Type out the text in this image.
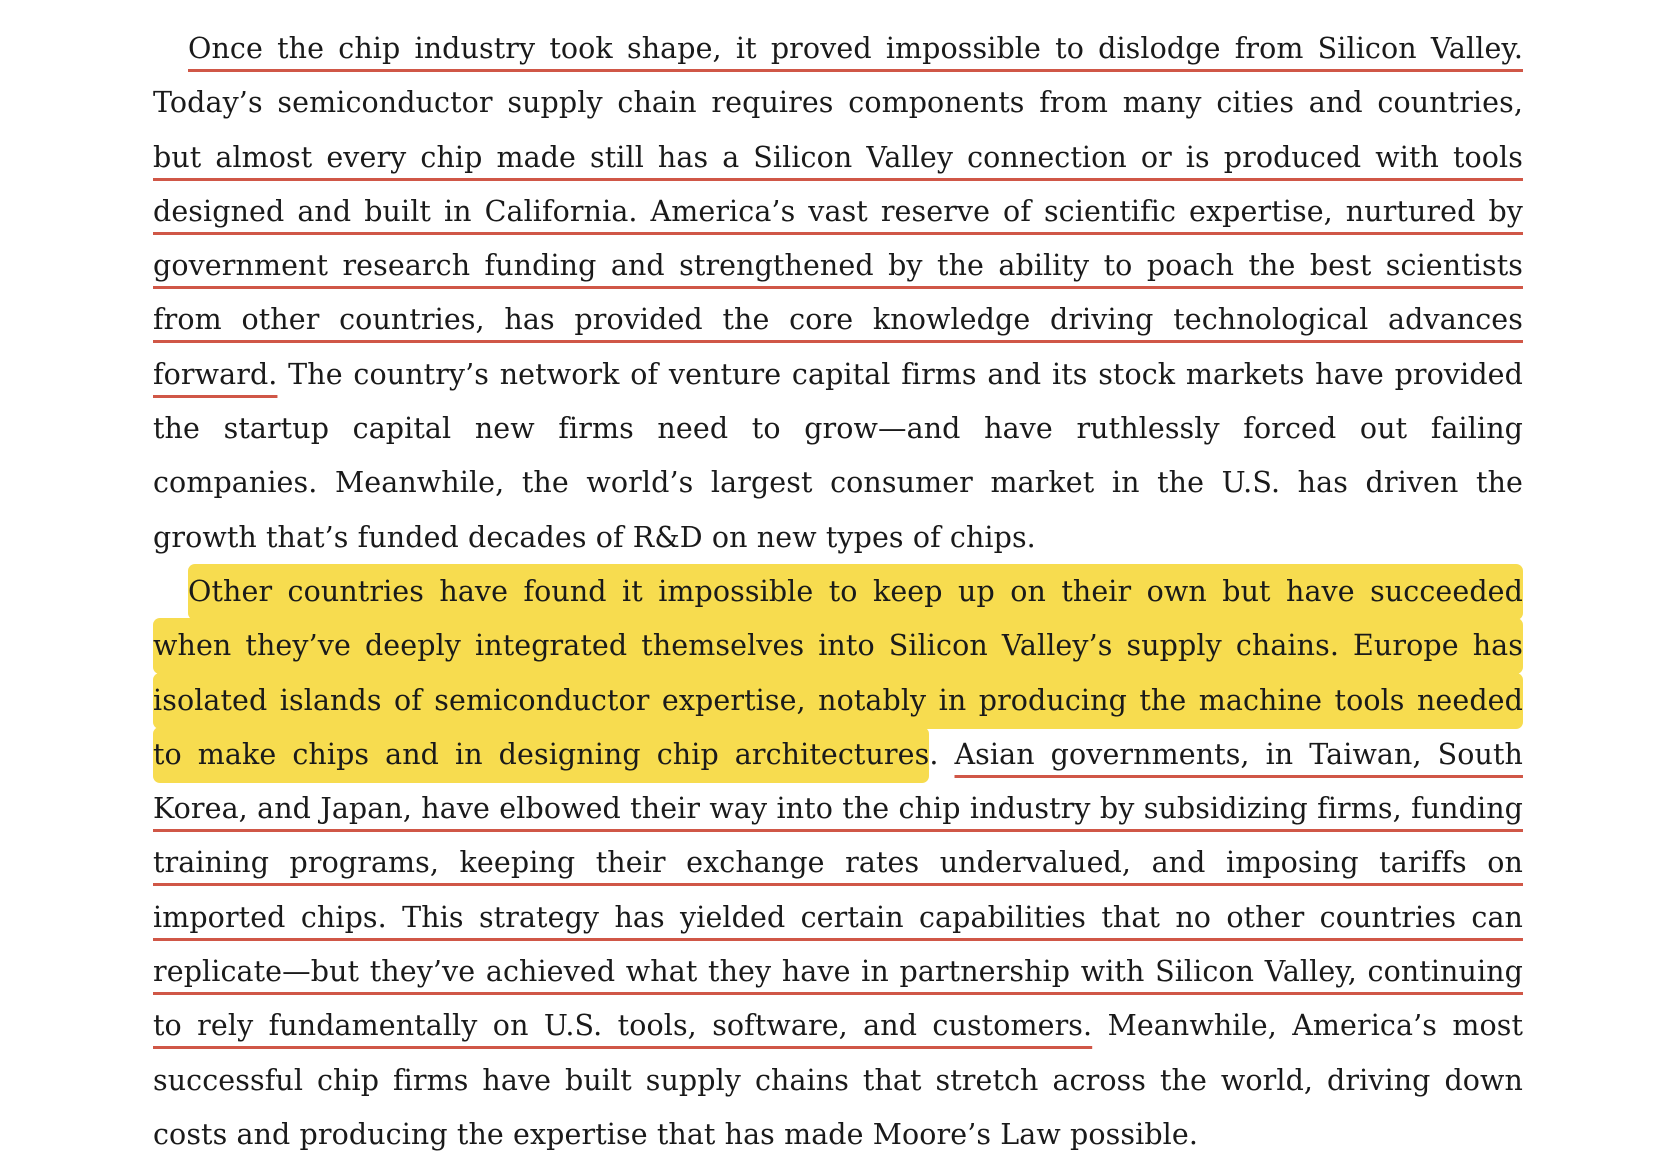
Once the chip industry took shape, it proved impossible to dislodge from Silicon Valley. Today’s semiconductor supply chain requires components from many cities and countries, but almost every chip made still has a Silicon Valley connection or is produced with tools designed and built in California. America’s vast reserve of scientific expertise, nurtured by government research funding and strengthened by the ability to poach the best scientists from other countries, has provided the core knowledge driving technological advances forward. The country’s network of venture capital firms and its stock markets have provided the startup capital new firms need to grow—and have ruthlessly forced out failing companies. Meanwhile, the world’s largest consumer market in the U.S. has driven the growth that’s funded decades of R&D on new types of chips.

Other countries have found it impossible to keep up on their own but have succeeded when they’ve deeply integrated themselves into Silicon Valley’s supply chains. Europe has isolated islands of semiconductor expertise, notably in producing the machine tools needed to make chips and in designing chip architectures. Asian governments, in Taiwan, South Korea, and Japan, have elbowed their way into the chip industry by subsidizing firms, funding training programs, keeping their exchange rates undervalued, and imposing tariffs on imported chips. This strategy has yielded certain capabilities that no other countries can replicate—but they’ve achieved what they have in partnership with Silicon Valley, continuing to rely fundamentally on U.S. tools, software, and customers. Meanwhile, America’s most successful chip firms have built supply chains that stretch across the world, driving down costs and producing the expertise that has made Moore’s Law possible.
